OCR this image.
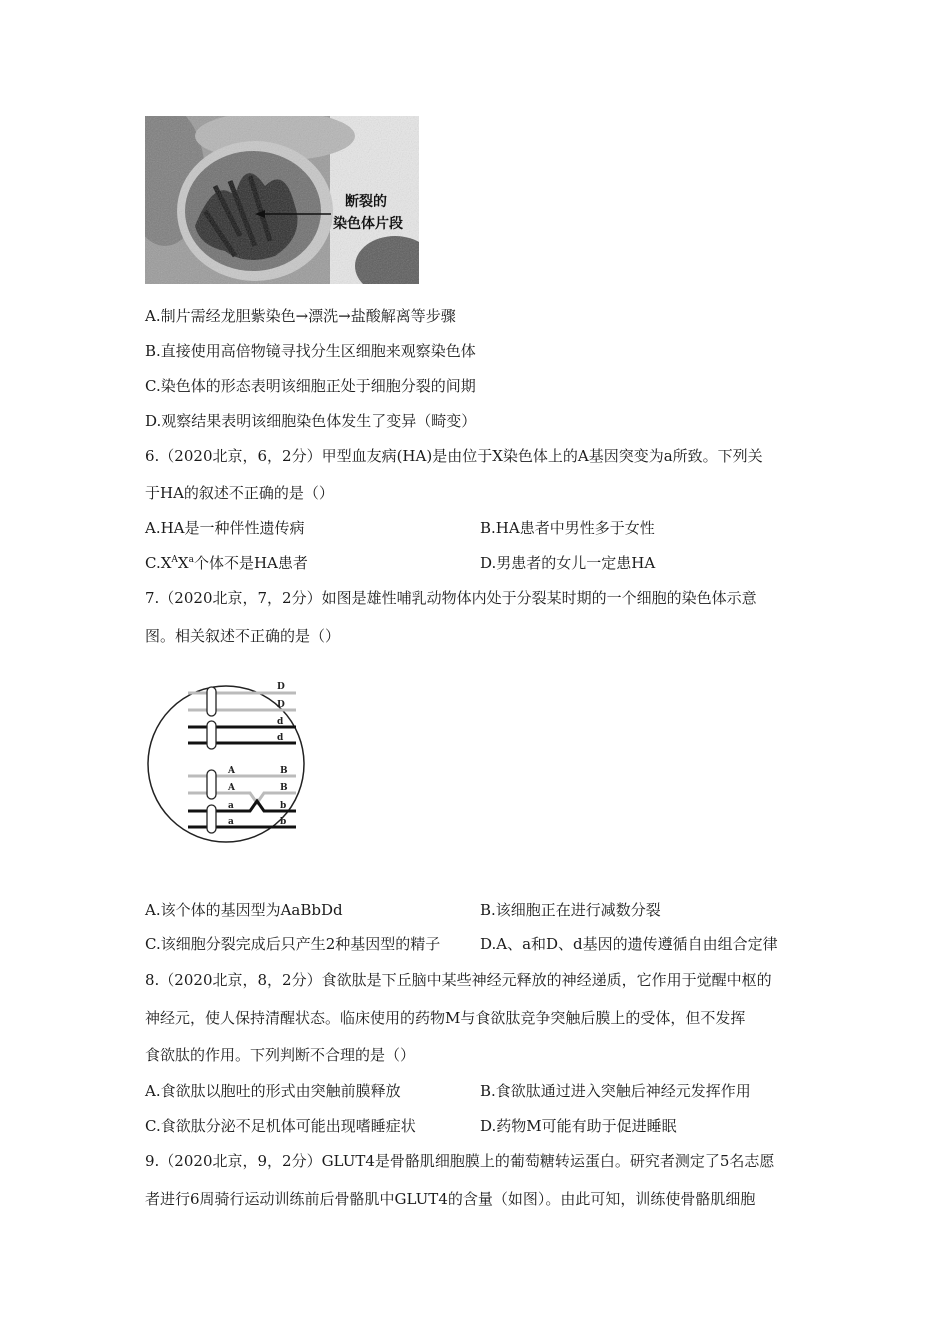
断裂的
染色体片段
A.制片需经龙胆紫染色→漂洗→盐酸解离等步骤
B.直接使用高倍物镜寻找分生区细胞来观察染色体
C.染色体的形态表明该细胞正处于细胞分裂的间期
D.观察结果表明该细胞染色体发生了变异（畸变）
6.（2020北京，6，2分）甲型血友病(HA)是由位于X染色体上的A基因突变为a所致。下列关
于HA的叙述不正确的是（）
A.HA是一种伴性遗传病	B.HA患者中男性多于女性
$C.X^AX^a$个体不是HA患者	D.男患者的女儿一定患HA
7.（2020北京，7，2分）如图是雄性哺乳动物体内处于分裂某时期的一个细胞的染色体示意
图。相关叙述不正确的是（）
D
D
d
d
A
A
a
a
B
B
b
b
A.该个体的基因型为AaBbDd	B.该细胞正在进行减数分裂
C.该细胞分裂完成后只产生2种基因型的精子	D.A、a和D、d基因的遗传遵循自由组合定律
8.（2020北京，8，2分）食欲肽是下丘脑中某些神经元释放的神经递质，它作用于觉醒中枢的
神经元，使人保持清醒状态。临床使用的药物M与食欲肽竞争突触后膜上的受体，但不发挥
食欲肽的作用。下列判断不合理的是（）
A.食欲肽以胞吐的形式由突触前膜释放	B.食欲肽通过进入突触后神经元发挥作用
C.食欲肽分泌不足机体可能出现嗜睡症状	D.药物M可能有助于促进睡眠
9.（2020北京，9，2分）GLUT4是骨骼肌细胞膜上的葡萄糖转运蛋白。研究者测定了5名志愿
者进行6周骑行运动训练前后骨骼肌中GLUT4的含量（如图）。由此可知，训练使骨骼肌细胞
